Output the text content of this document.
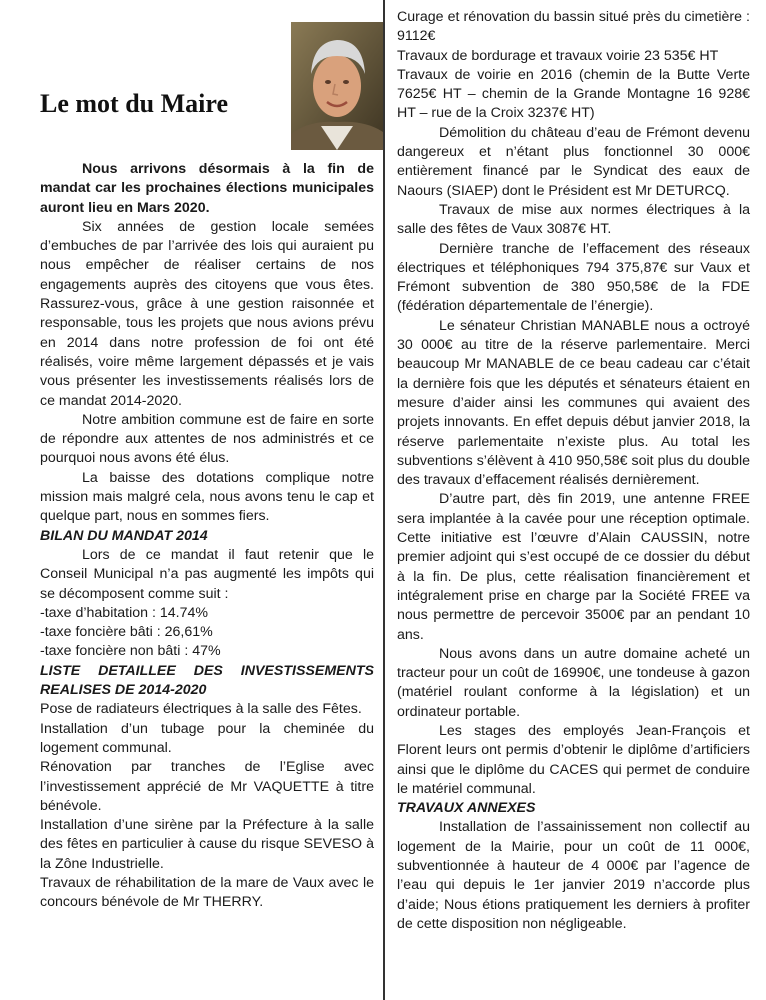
Le mot du Maire

Nous arrivons désormais à la fin de mandat car les prochaines élections municipales auront lieu en Mars 2020.

Six années de gestion locale semées d’embuches de par l’arrivée des lois qui auraient pu nous empêcher de réaliser certains de nos engagements auprès des citoyens que vous êtes. Rassurez-vous, grâce à une gestion raisonnée et responsable, tous les projets que nous avions prévu en 2014 dans notre profession de foi ont été réalisés, voire même largement dépassés et je vais vous présenter les investissements réalisés lors de ce mandat 2014-2020.

Notre ambition commune est de faire en sorte de répondre aux attentes de nos administrés et ce pourquoi nous avons été élus.

La baisse des dotations complique notre mission mais malgré cela, nous avons tenu le cap et quelque part, nous en sommes fiers.

BILAN DU MANDAT 2014

Lors de ce mandat il faut retenir que le Conseil Municipal n’a pas augmenté les impôts qui se décomposent comme suit :

-taxe d’habitation : 14.74%

-taxe foncière bâti : 26,61%

-taxe foncière non bâti : 47%

LISTE DETAILLEE DES INVESTISSEMENTS REALISES DE 2014-2020

Pose de radiateurs électriques à la salle des Fêtes.

Installation d’un tubage pour la cheminée du logement communal.

Rénovation par tranches de l’Eglise avec l’investissement apprécié de Mr VAQUETTE à titre bénévole.

Installation d’une sirène par la Préfecture à la salle des fêtes en particulier à cause du risque SEVESO à la Zône Industrielle.

Travaux de réhabilitation de la mare de Vaux avec le concours bénévole de Mr THERRY.

Curage et rénovation du bassin situé près du cimetière : 9112€

Travaux de bordurage et travaux voirie 23 535€ HT

Travaux de voirie en 2016 (chemin de la Butte Verte 7625€ HT – chemin de la Grande Montagne 16 928€ HT – rue de la Croix 3237€ HT)

Démolition du château d’eau de Frémont devenu dangereux et n’étant plus fonctionnel 30 000€ entièrement financé par le Syndicat des eaux de Naours (SIAEP) dont le Président est Mr DETURCQ.

Travaux de mise aux normes électriques à la salle des fêtes de Vaux 3087€ HT.

Dernière tranche de l’effacement des réseaux électriques et téléphoniques 794 375,87€ sur Vaux et Frémont subvention de 380 950,58€ de la FDE (fédération départementale de l’énergie).

Le sénateur Christian MANABLE nous a octroyé 30 000€ au titre de la réserve parlementaire. Merci beaucoup Mr MANABLE de ce beau cadeau car c’était la dernière fois que les députés et sénateurs étaient en mesure d’aider ainsi les communes qui avaient des projets innovants. En effet depuis début janvier 2018, la réserve parlementaite n’existe plus. Au total les subventions s’élèvent à 410 950,58€ soit plus du double des travaux d’effacement réalisés dernièrement.

D’autre part, dès fin 2019, une antenne FREE sera implantée à la cavée pour une réception optimale. Cette initiative est l’œuvre d’Alain CAUSSIN, notre premier adjoint qui s’est occupé de ce dossier du début à la fin. De plus, cette réalisation financièrement et intégralement prise en charge par la Société FREE va nous permettre de percevoir 3500€ par an pendant 10 ans.

Nous avons dans un autre domaine acheté un tracteur pour un coût de 16990€, une tondeuse à gazon (matériel roulant conforme à la législation) et un ordinateur portable.

Les stages des employés Jean-François et Florent leurs ont permis d’obtenir le diplôme d’artificiers ainsi que le diplôme du CACES qui permet de conduire le matériel communal.

TRAVAUX ANNEXES

Installation de l’assainissement non collectif au logement de la Mairie, pour un coût de 11 000€, subventionnée à hauteur de 4 000€ par l’agence de l’eau qui depuis le 1er janvier 2019 n’accorde plus d’aide; Nous étions pratiquement les derniers à profiter de cette disposition non négligeable.
